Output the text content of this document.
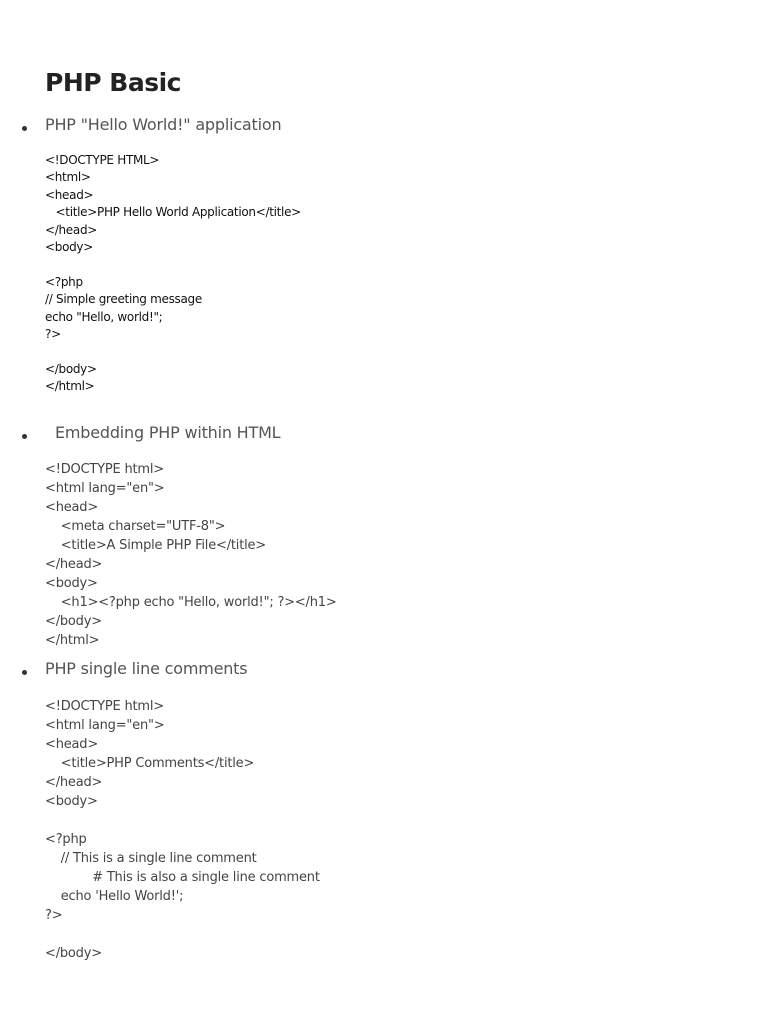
PHP Basic
PHP "Hello World!" application
<!DOCTYPE HTML>
<html>
<head>
<title>PHP Hello World Application</title>
</head>
<body>
<?php
// Simple greeting message
echo "Hello, world!";
?>
</body>
</html>
Embedding PHP within HTML
<!DOCTYPE html>
<html lang="en">
<head>
<meta charset="UTF-8">
<title>A Simple PHP File</title>
</head>
<body>
<h1><?php echo "Hello, world!"; ?></h1>
</body>
</html>
PHP single line comments
<!DOCTYPE html>
<html lang="en">
<head>
<title>PHP Comments</title>
</head>
<body>
<?php
// This is a single line comment
# This is also a single line comment
echo 'Hello World!';
?>
</body>
